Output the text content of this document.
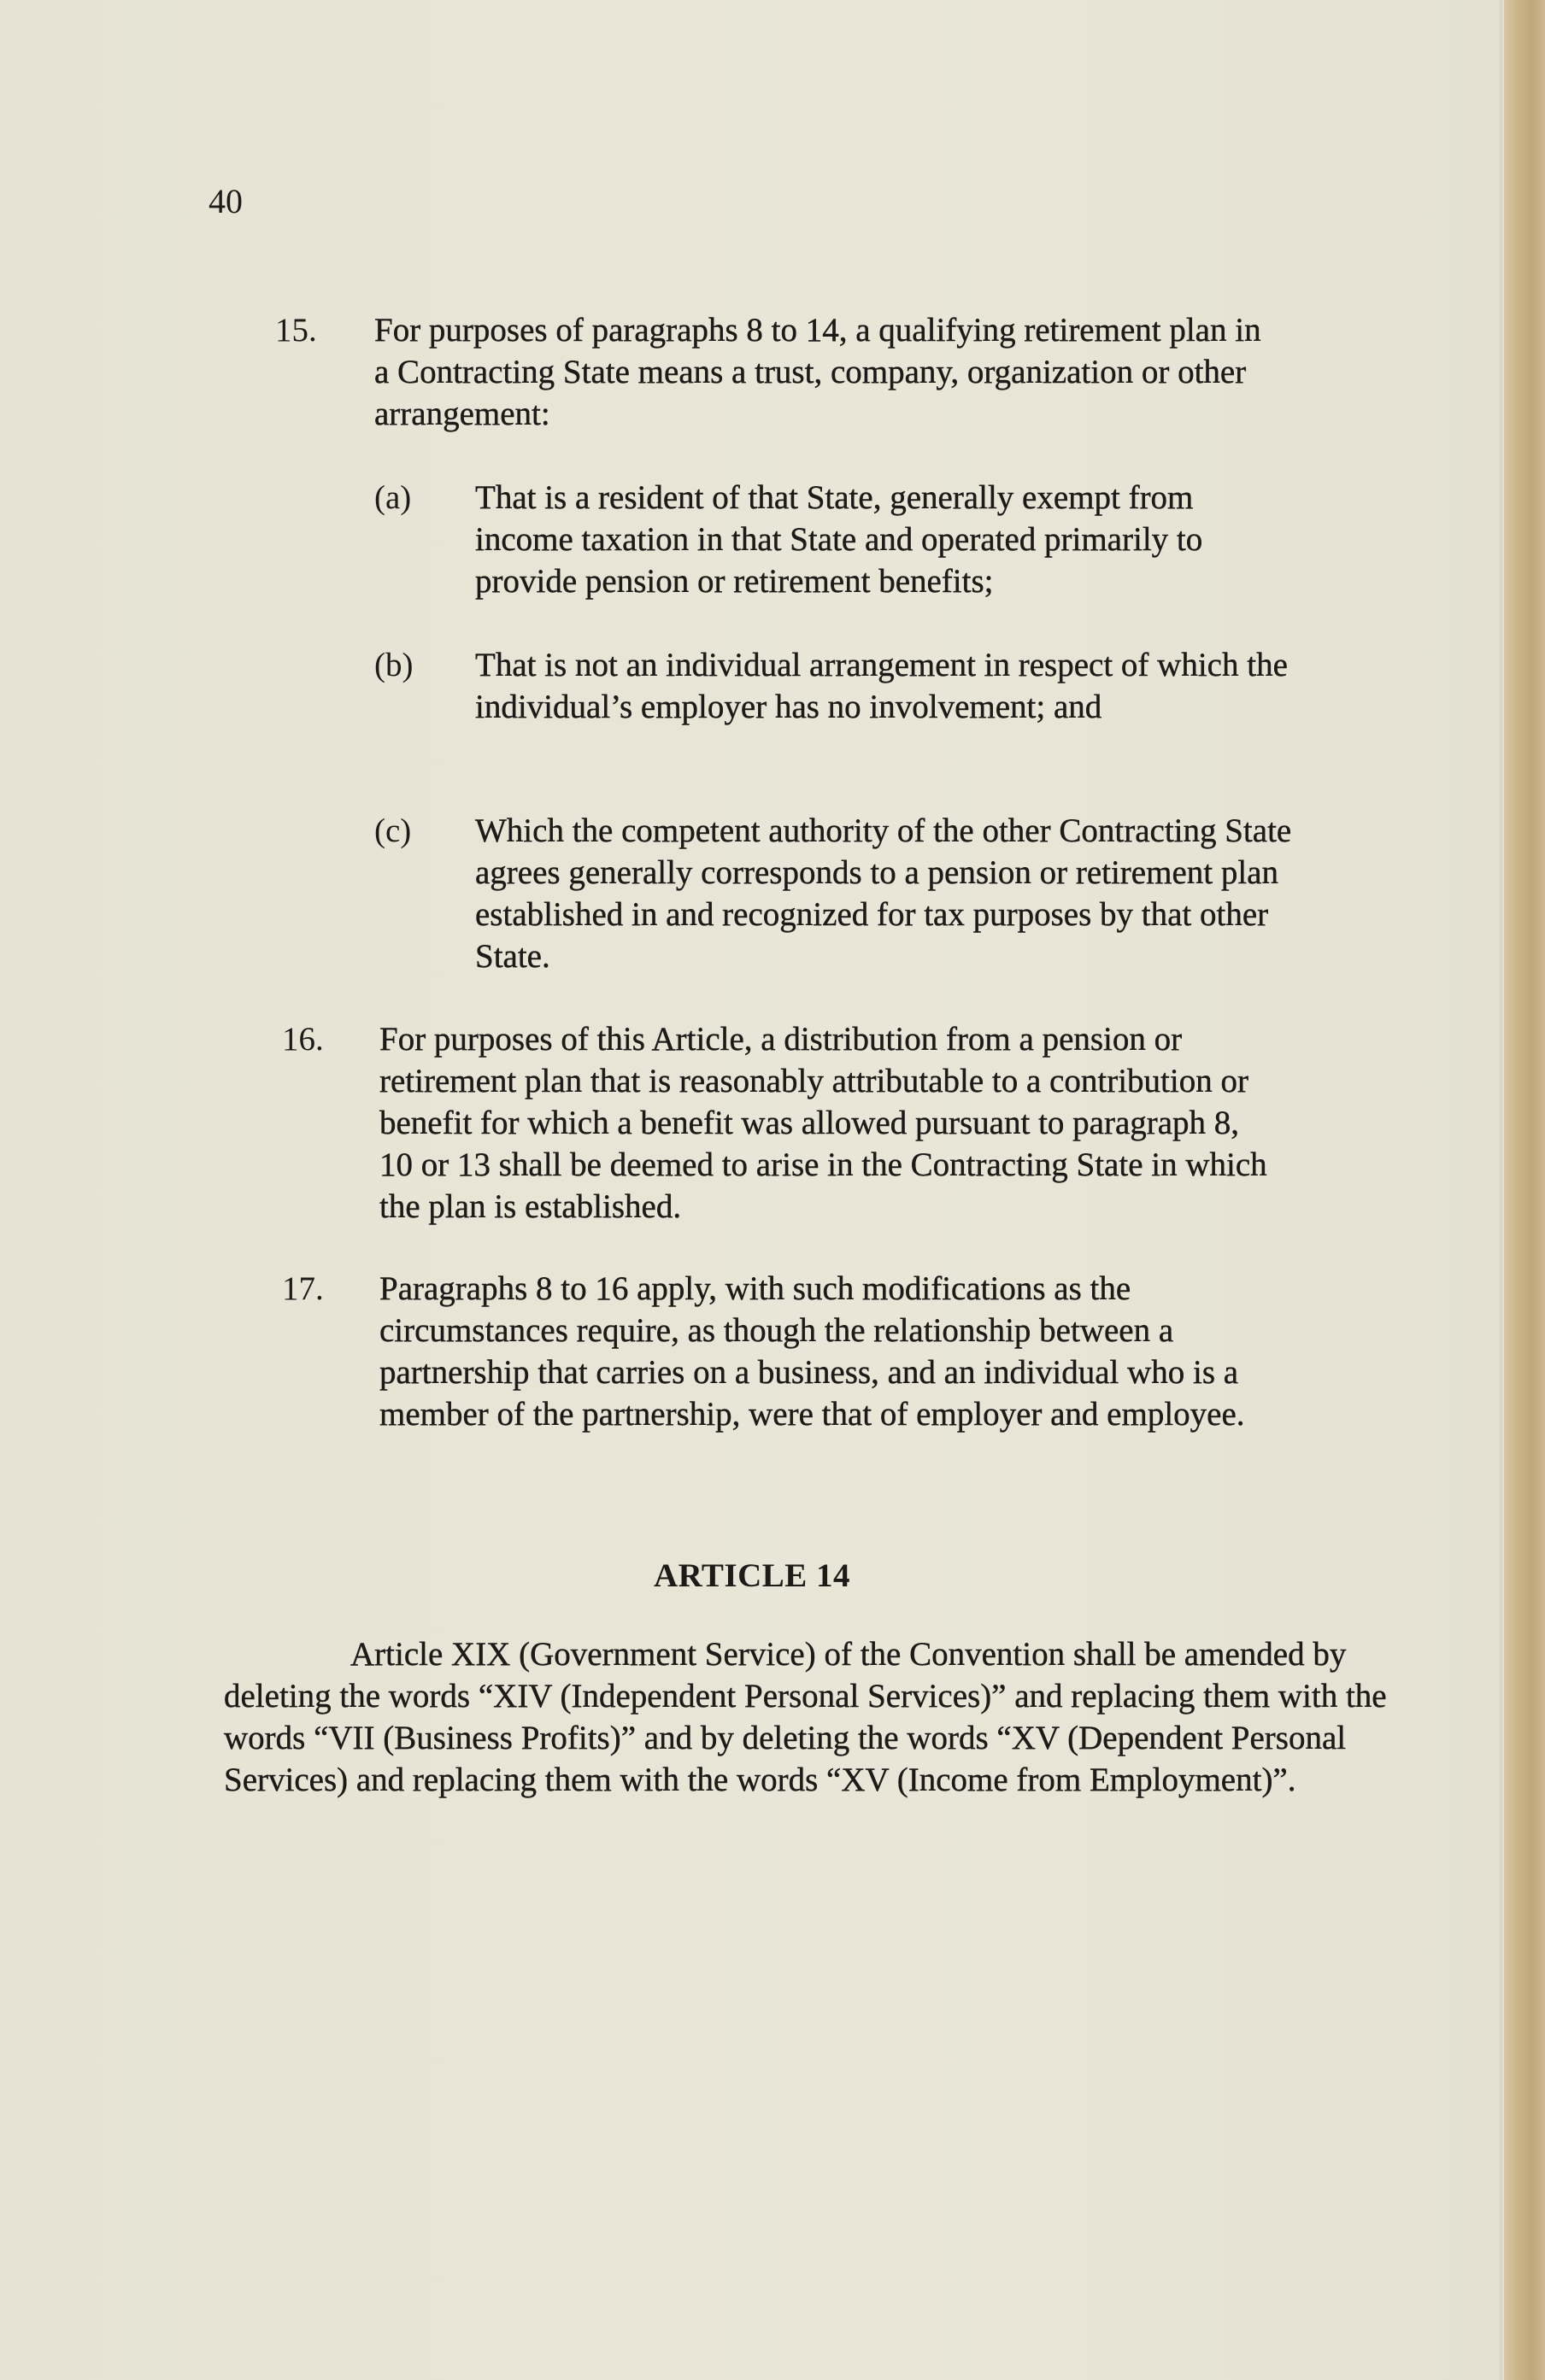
40
15. For purposes of paragraphs 8 to 14, a qualifying retirement plan in a Contracting State means a trust, company, organization or other arrangement:
(a) That is a resident of that State, generally exempt from income taxation in that State and operated primarily to provide pension or retirement benefits;
(b) That is not an individual arrangement in respect of which the individual’s employer has no involvement; and
(c) Which the competent authority of the other Contracting State agrees generally corresponds to a pension or retirement plan established in and recognized for tax purposes by that other State.
16. For purposes of this Article, a distribution from a pension or retirement plan that is reasonably attributable to a contribution or benefit for which a benefit was allowed pursuant to paragraph 8, 10 or 13 shall be deemed to arise in the Contracting State in which the plan is established.
17. Paragraphs 8 to 16 apply, with such modifications as the circumstances require, as though the relationship between a partnership that carries on a business, and an individual who is a member of the partnership, were that of employer and employee.
ARTICLE 14
Article XIX (Government Service) of the Convention shall be amended by deleting the words “XIV (Independent Personal Services)” and replacing them with the words “VII (Business Profits)” and by deleting the words “XV (Dependent Personal Services) and replacing them with the words “XV (Income from Employment)”.
